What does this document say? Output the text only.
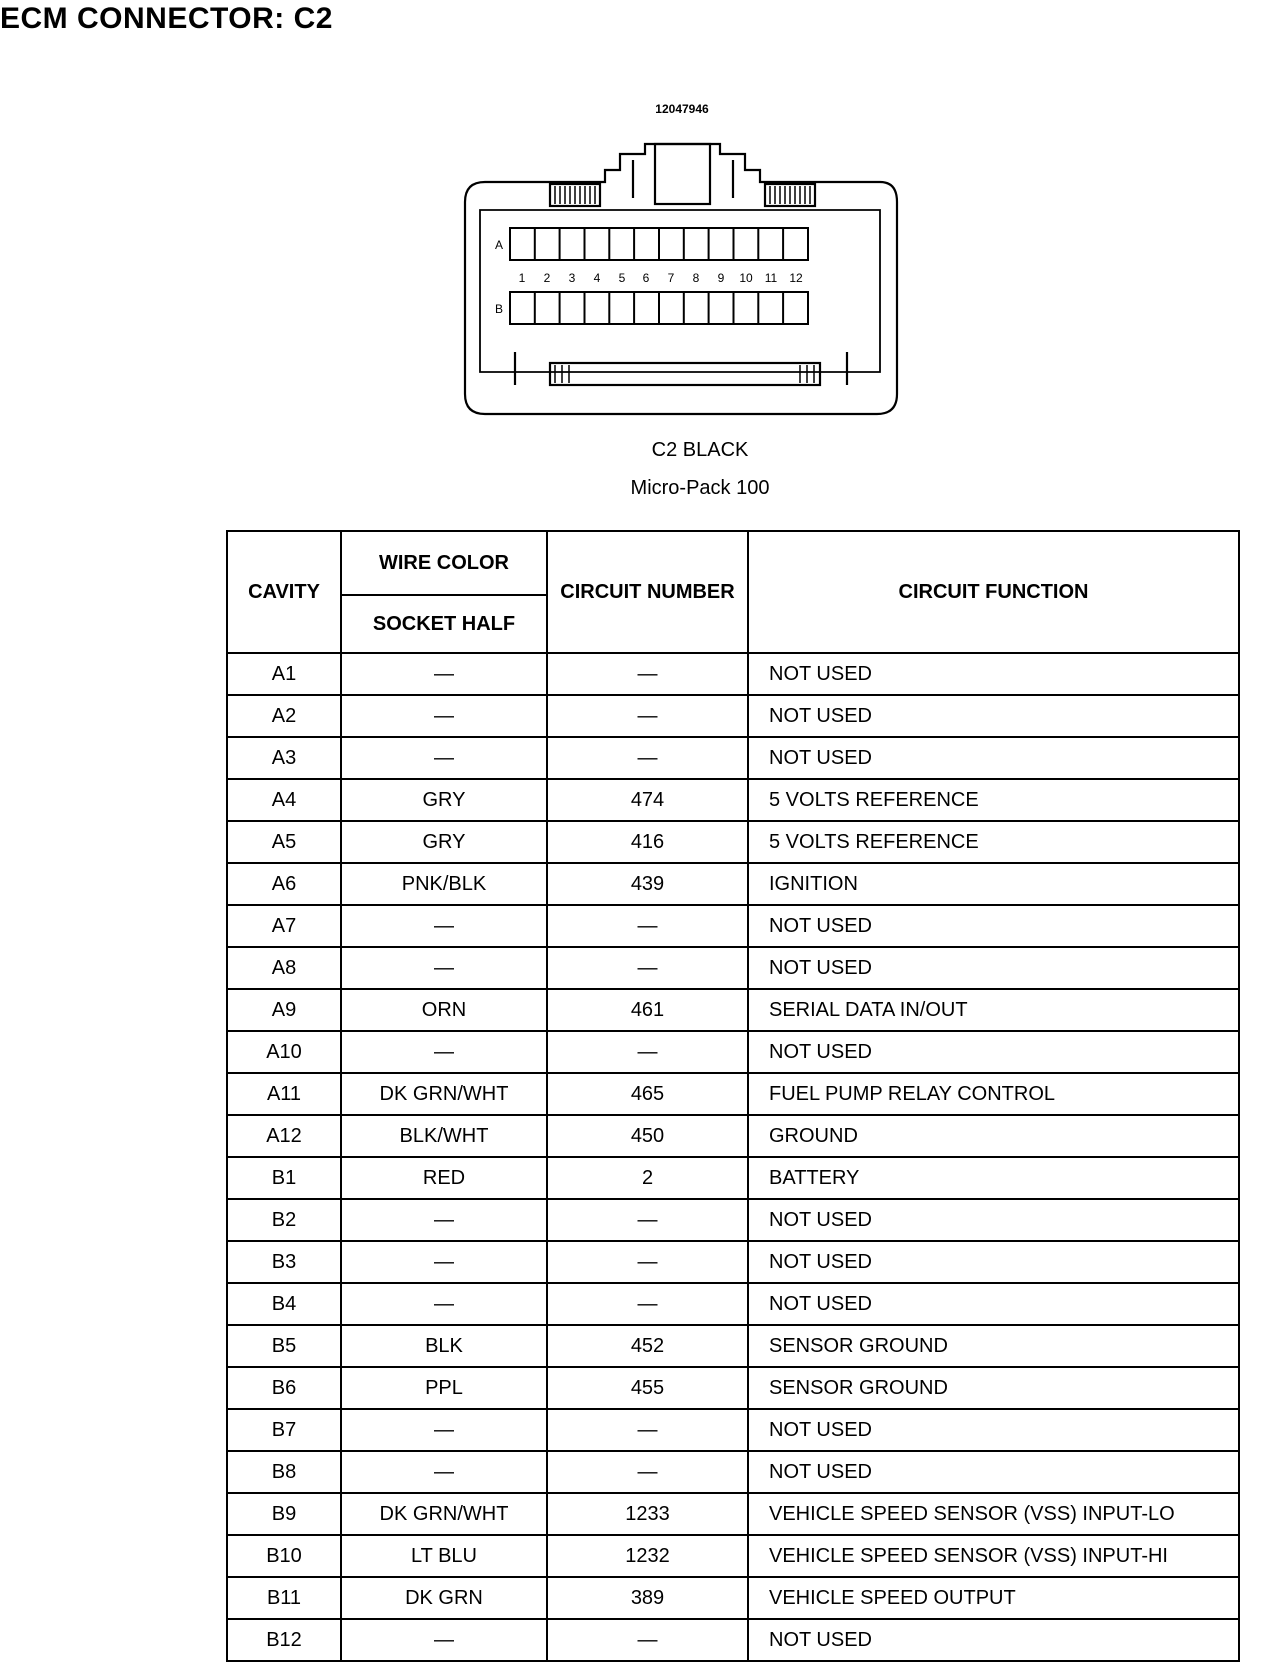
ECM CONNECTOR: C2
12047946
A
B
1 2 3 4 5 6 7 8 9 10 11 12
C2 BLACK
Micro-Pack 100
CAVITY	WIRE COLOR	CIRCUIT NUMBER	CIRCUIT FUNCTION
	SOCKET HALF		
A1	—	—	NOT USED
A2	—	—	NOT USED
A3	—	—	NOT USED
A4	GRY	474	5 VOLTS REFERENCE
A5	GRY	416	5 VOLTS REFERENCE
A6	PNK/BLK	439	IGNITION
A7	—	—	NOT USED
A8	—	—	NOT USED
A9	ORN	461	SERIAL DATA IN/OUT
A10	—	—	NOT USED
A11	DK GRN/WHT	465	FUEL PUMP RELAY CONTROL
A12	BLK/WHT	450	GROUND
B1	RED	2	BATTERY
B2	—	—	NOT USED
B3	—	—	NOT USED
B4	—	—	NOT USED
B5	BLK	452	SENSOR GROUND
B6	PPL	455	SENSOR GROUND
B7	—	—	NOT USED
B8	—	—	NOT USED
B9	DK GRN/WHT	1233	VEHICLE SPEED SENSOR (VSS) INPUT-LO
B10	LT BLU	1232	VEHICLE SPEED SENSOR (VSS) INPUT-HI
B11	DK GRN	389	VEHICLE SPEED OUTPUT
B12	—	—	NOT USED
